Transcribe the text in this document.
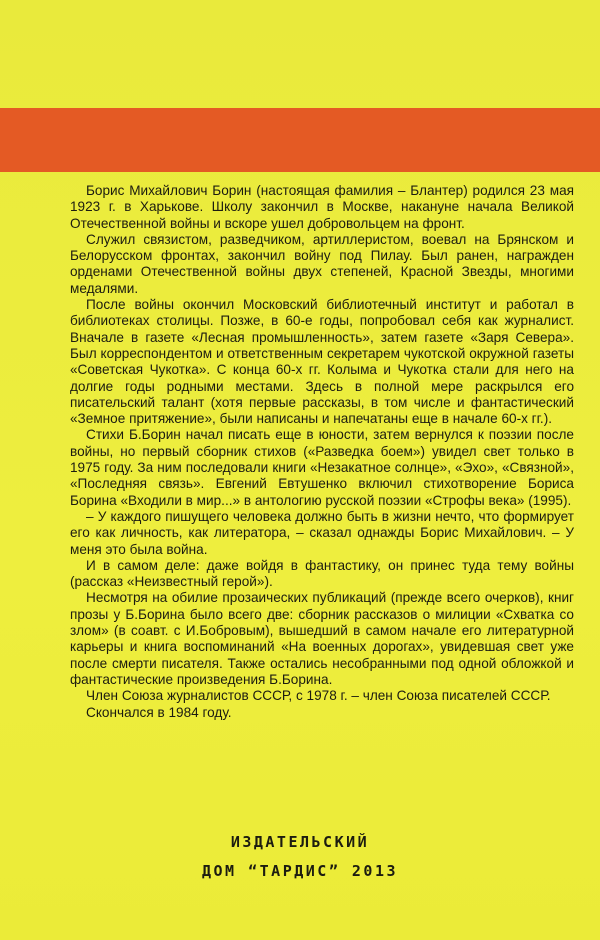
Борис Михайлович Борин (настоящая фамилия – Блантер) родился 23 мая 1923 г. в Харькове. Школу закончил в Москве, накануне начала Великой Отечественной войны и вскоре ушел добровольцем на фронт.

Служил связистом, разведчиком, артиллеристом, воевал на Брянском и Белорусском фронтах, закончил войну под Пилау. Был ранен, награжден орденами Отечественной войны двух степеней, Красной Звезды, многими медалями.

После войны окончил Московский библиотечный институт и работал в библиотеках столицы. Позже, в 60-е годы, попробовал себя как журналист. Вначале в газете «Лесная промышленность», затем газете «Заря Севера». Был корреспондентом и ответственным секретарем чукотской окружной газеты «Советская Чукотка». С конца 60-х гг. Колыма и Чукотка стали для него на долгие годы родными местами. Здесь в полной мере раскрылся его писательский талант (хотя первые рассказы, в том числе и фантастический «Земное притяжение», были написаны и напечатаны еще в начале 60-х гг.).

Стихи Б.Борин начал писать еще в юности, затем вернулся к поэзии после войны, но первый сборник стихов («Разведка боем») увидел свет только в 1975 году. За ним последовали книги «Незакатное солнце», «Эхо», «Связной», «Последняя связь». Евгений Евтушенко включил стихотворение Бориса Борина «Входили в мир...» в антологию русской поэзии «Строфы века» (1995).

– У каждого пишущего человека должно быть в жизни нечто, что формирует его как личность, как литератора, – сказал однажды Борис Михайлович. – У меня это была война.

И в самом деле: даже войдя в фантастику, он принес туда тему войны (рассказ «Неизвестный герой»).

Несмотря на обилие прозаических публикаций (прежде всего очерков), книг прозы у Б.Борина было всего две: сборник рассказов о милиции «Схватка со злом» (в соавт. с И.Бобровым), вышедший в самом начале его литературной карьеры и книга воспоминаний «На военных дорогах», увидевшая свет уже после смерти писателя. Также остались несобранными под одной обложкой и фантастические произведения Б.Борина.

Член Союза журналистов СССР, с 1978 г. – член Союза писателей СССР.

Скончался в 1984 году.

ИЗДАТЕЛЬСКИЙ
ДОМ “ТАРДИС” 2013
